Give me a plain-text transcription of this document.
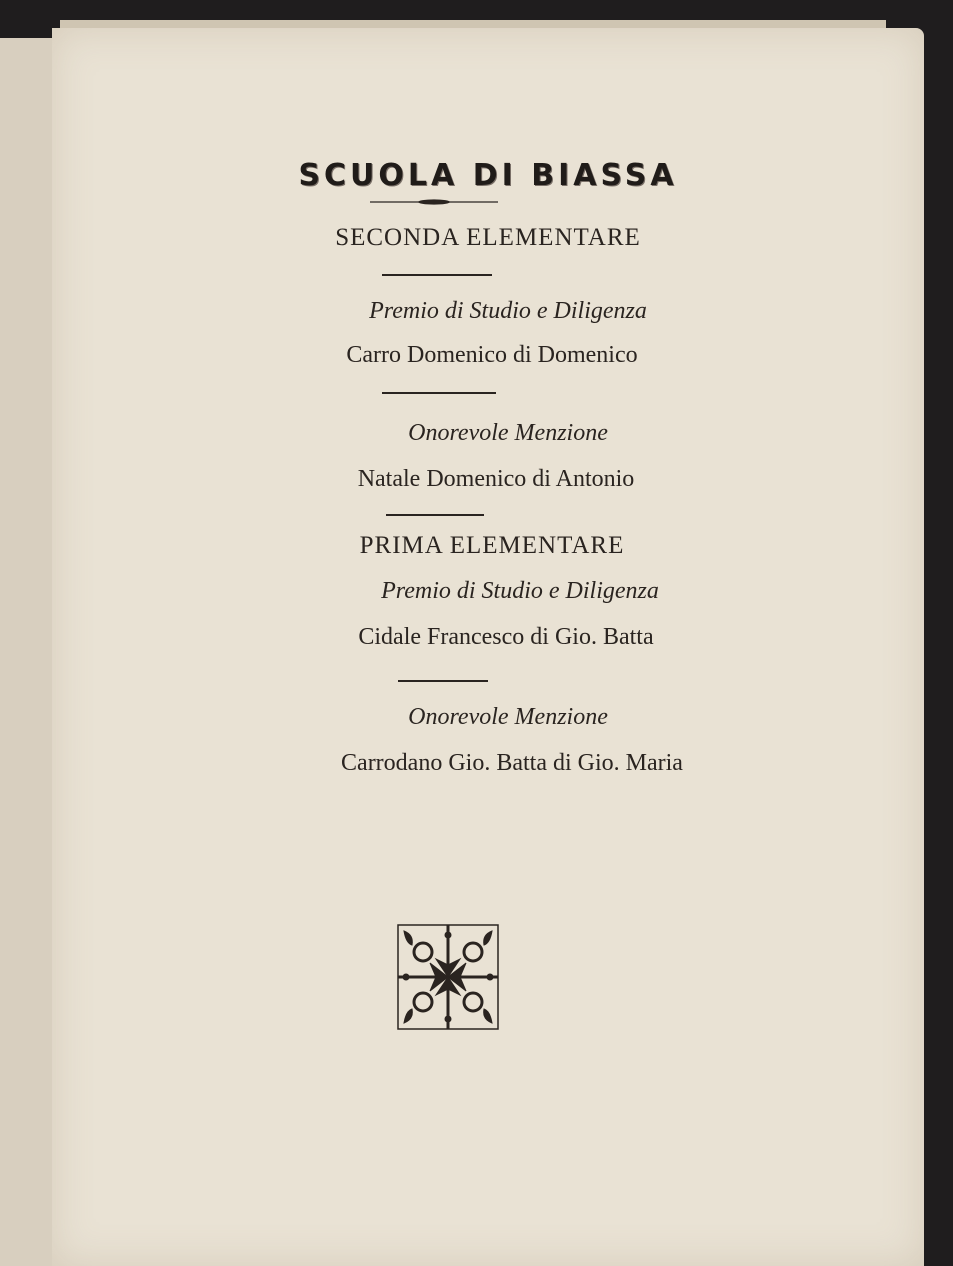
SCUOLA DI BIASSA
SECONDA ELEMENTARE
Premio di Studio e Diligenza
Carro Domenico di Domenico
Onorevole Menzione
Natale Domenico di Antonio
PRIMA ELEMENTARE
Premio di Studio e Diligenza
Cidale Francesco di Gio. Batta
Onorevole Menzione
Carrodano Gio. Batta di Gio. Maria
